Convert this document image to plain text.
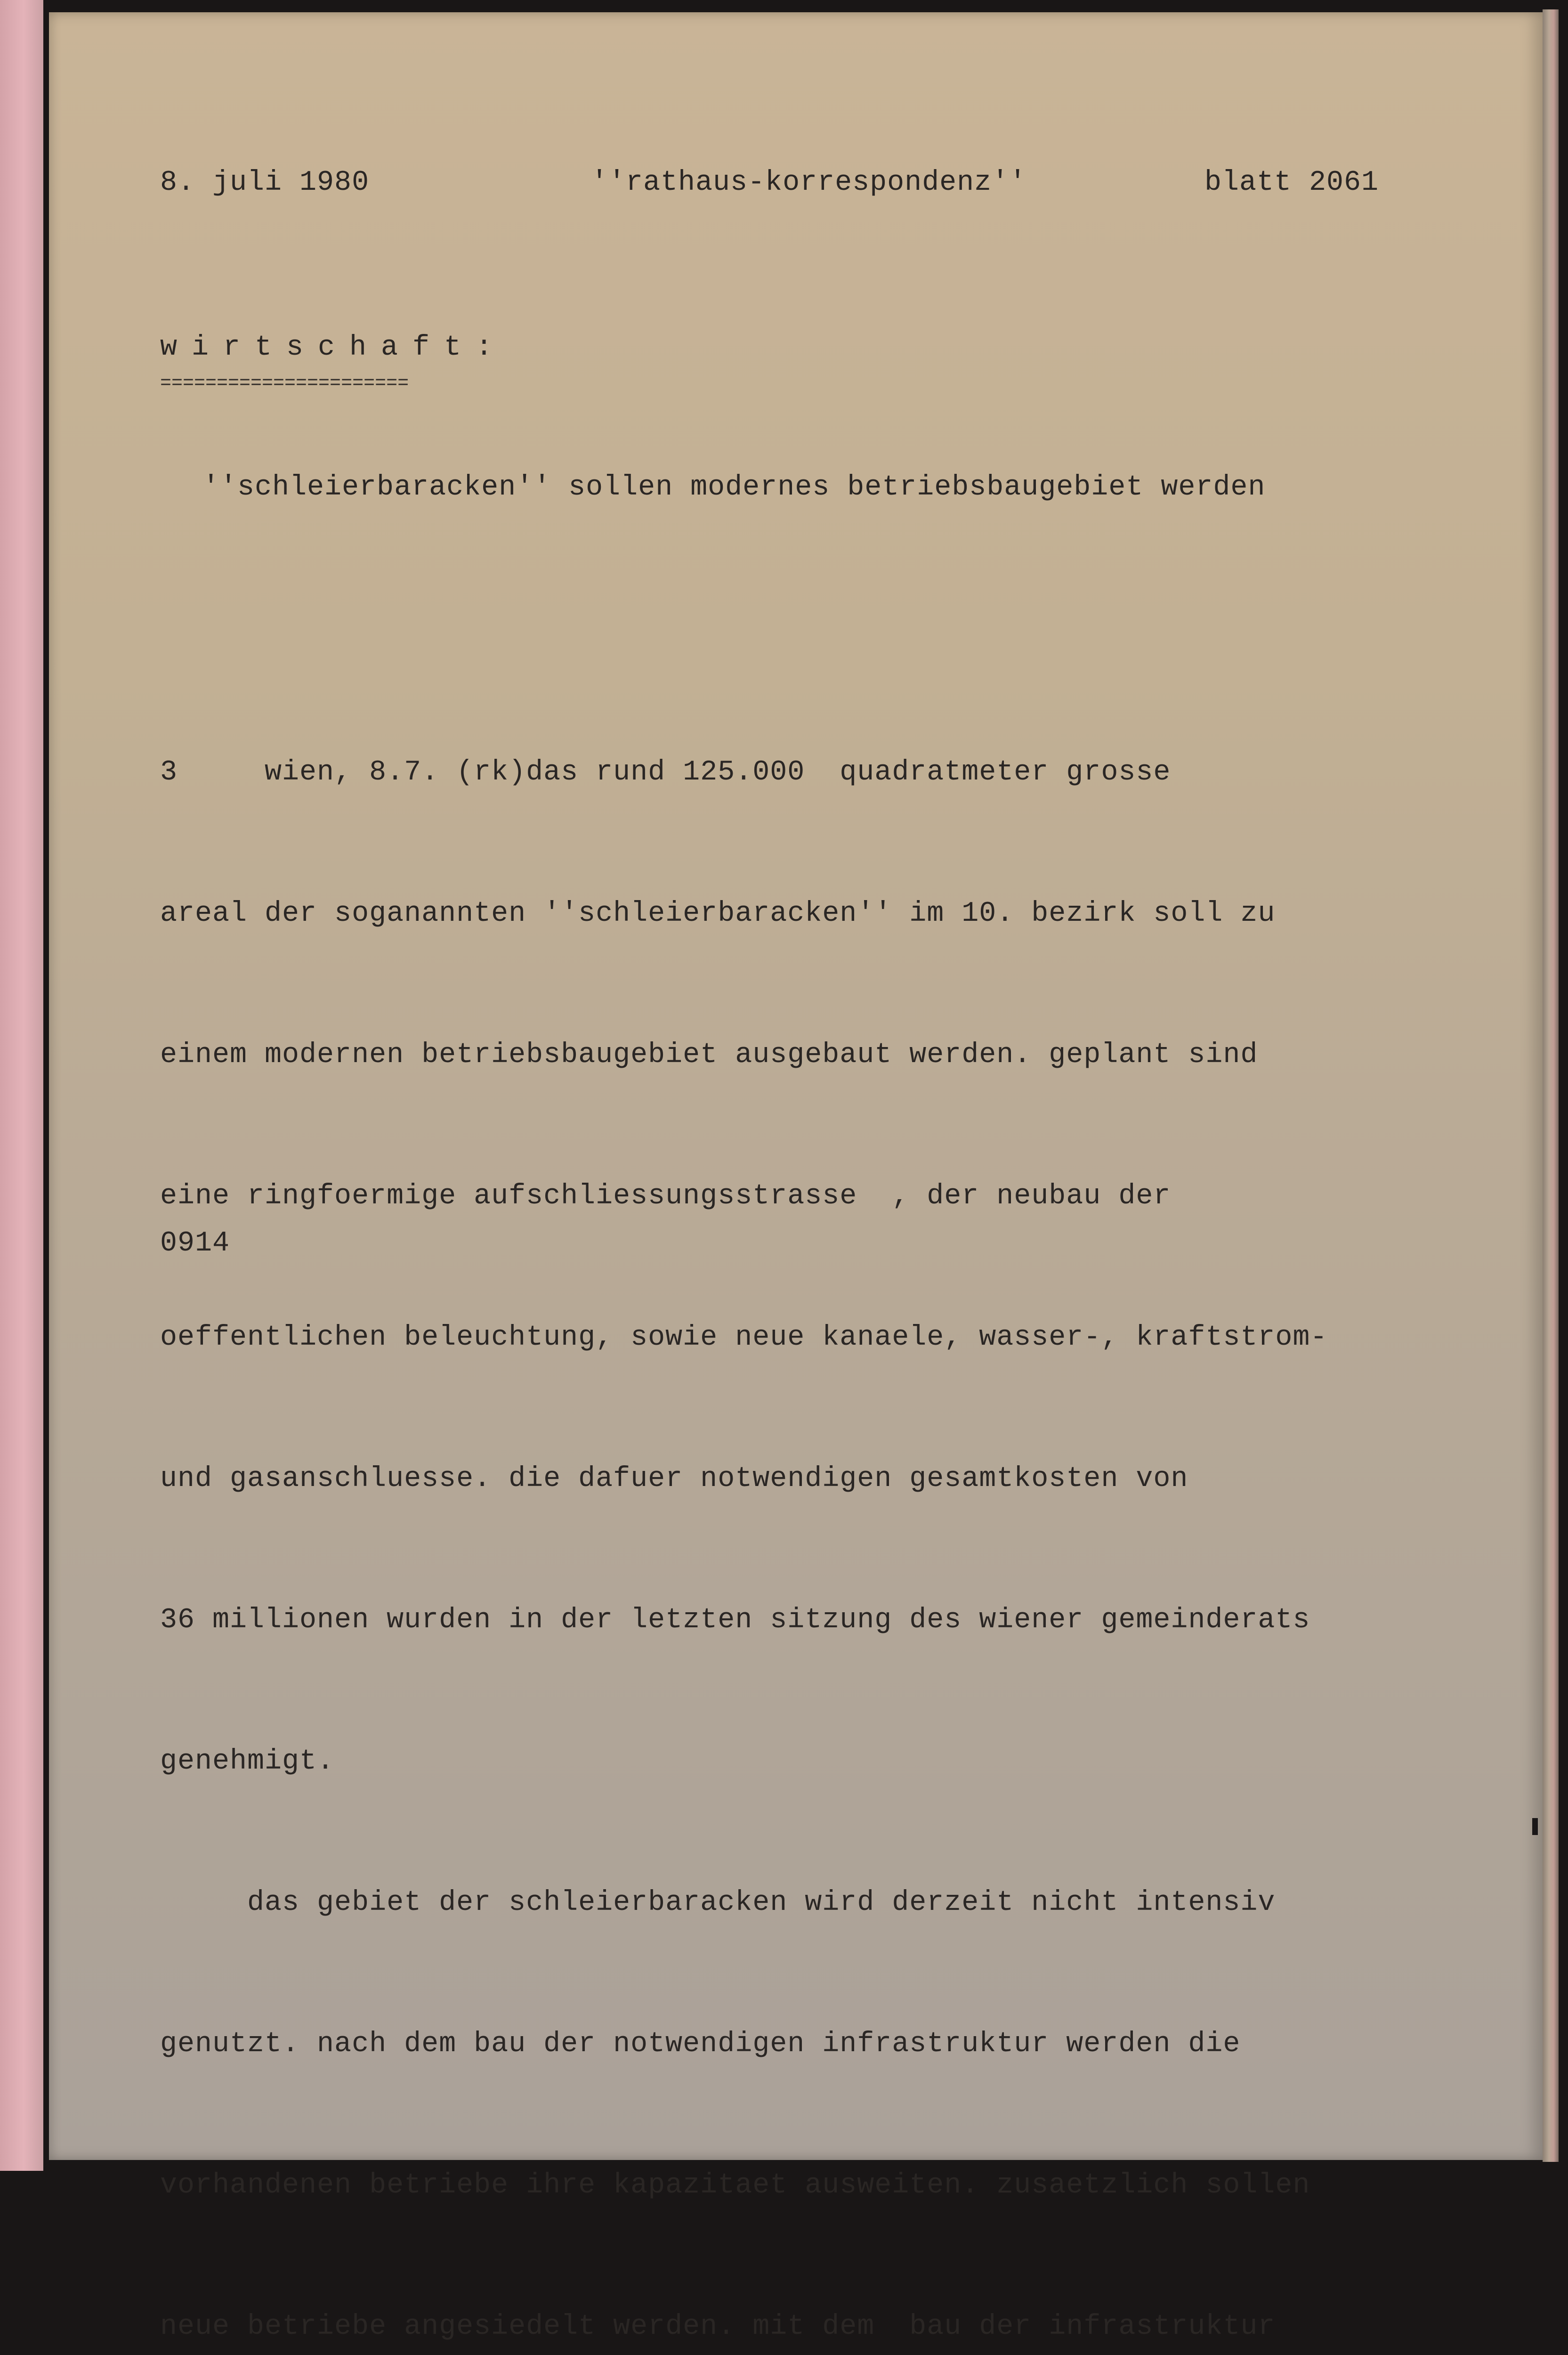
8. juli 1980	''rathaus-korrespondenz''	blatt 2061
wirtschaft:
======================
''schleierbaracken'' sollen modernes betriebsbaugebiet werden

3     wien, 8.7. (rk)das rund 125.000  quadratmeter grosse

areal der soganannten ''schleierbaracken'' im 10. bezirk soll zu

einem modernen betriebsbaugebiet ausgebaut werden. geplant sind

eine ringfoermige aufschliessungsstrasse  , der neubau der

oeffentlichen beleuchtung, sowie neue kanaele, wasser-, kraftstrom-

und gasanschluesse. die dafuer notwendigen gesamtkosten von

36 millionen wurden in der letzten sitzung des wiener gemeinderats

genehmigt.

das gebiet der schleierbaracken wird derzeit nicht intensiv

genutzt. nach dem bau der notwendigen infrastruktur werden die

vorhandenen betriebe ihre kapazitaet ausweiten. zusaetzlich sollen

neue betriebe angesiedelt werden. mit dem  bau der infrastruktur

0914
